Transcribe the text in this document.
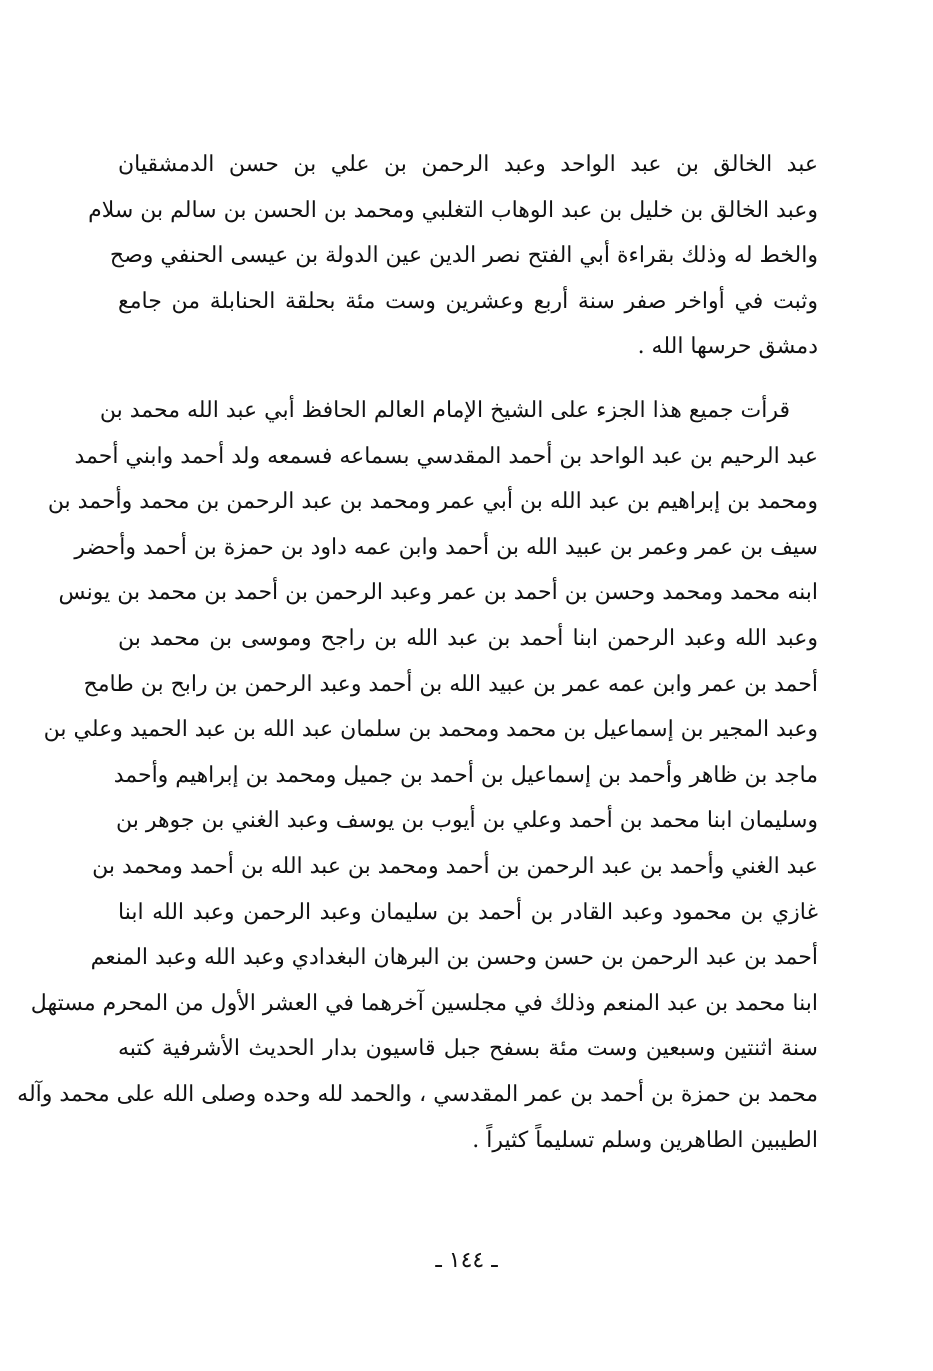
عبد الخالق بن عبد الواحد وعبد الرحمن بن علي بن حسن الدمشقيان
وعبد الخالق بن خليل بن عبد الوهاب التغلبي ومحمد بن الحسن بن سالم بن سلام
والخط له وذلك بقراءة أبي الفتح نصر الدين عين الدولة بن عيسى الحنفي وصح
وثبت في أواخر صفر سنة أربع وعشرين وست مئة بحلقة الحنابلة من جامع
دمشق حرسها الله .
قرأت جميع هذا الجزء على الشيخ الإمام العالم الحافظ أبي عبد الله محمد بن
عبد الرحيم بن عبد الواحد بن أحمد المقدسي بسماعه فسمعه ولد أحمد وابني أحمد
ومحمد بن إبراهيم بن عبد الله بن أبي عمر ومحمد بن عبد الرحمن بن محمد وأحمد بن
سيف بن عمر وعمر بن عبيد الله بن أحمد وابن عمه داود بن حمزة بن أحمد وأحضر
ابنه محمد ومحمد وحسن بن أحمد بن عمر وعبد الرحمن بن أحمد بن محمد بن يونس
وعبد الله وعبد الرحمن ابنا أحمد بن عبد الله بن راجح وموسى بن محمد بن
أحمد بن عمر وابن عمه عمر بن عبيد الله بن أحمد وعبد الرحمن بن رابح بن طامح
وعبد المجير بن إسماعيل بن محمد ومحمد بن سلمان عبد الله بن عبد الحميد وعلي بن
ماجد بن ظاهر وأحمد بن إسماعيل بن أحمد بن جميل ومحمد بن إبراهيم وأحمد
وسليمان ابنا محمد بن أحمد وعلي بن أيوب بن يوسف وعبد الغني بن جوهر بن
عبد الغني وأحمد بن عبد الرحمن بن أحمد ومحمد بن عبد الله بن أحمد ومحمد بن
غازي بن محمود وعبد القادر بن أحمد بن سليمان وعبد الرحمن وعبد الله ابنا
أحمد بن عبد الرحمن بن حسن وحسن بن البرهان البغدادي وعبد الله وعبد المنعم
ابنا محمد بن عبد المنعم وذلك في مجلسين آخرهما في العشر الأول من المحرم مستهل
سنة اثنتين وسبعين وست مئة بسفح جبل قاسيون بدار الحديث الأشرفية كتبه
محمد بن حمزة بن أحمد بن عمر المقدسي ، والحمد لله وحده وصلى الله على محمد وآله
الطيبين الطاهرين وسلم تسليماً كثيراً .
ـ ١٤٤ ـ
